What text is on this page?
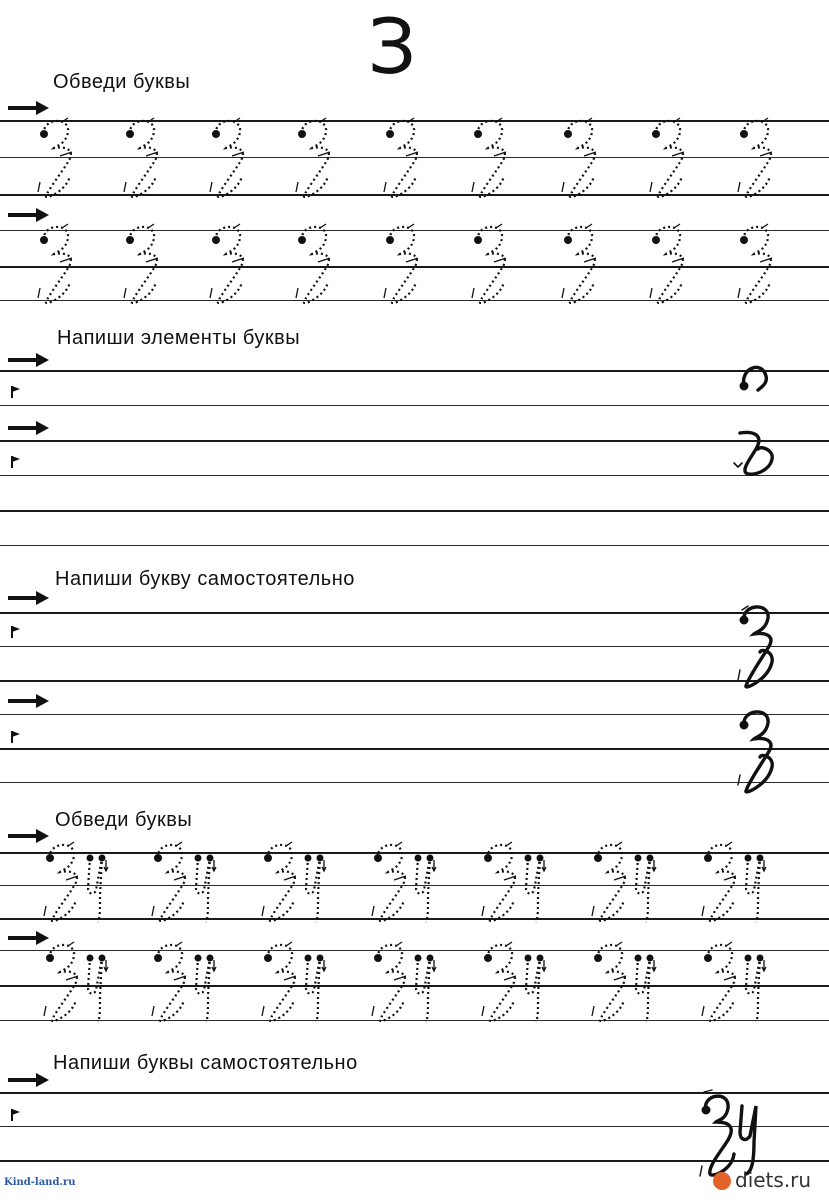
З
Обведи буквы
Напиши элементы буквы
Напиши букву самостоятельно
Обведи буквы
Напиши буквы самостоятельно
Kind-land.ru	diets.ru
